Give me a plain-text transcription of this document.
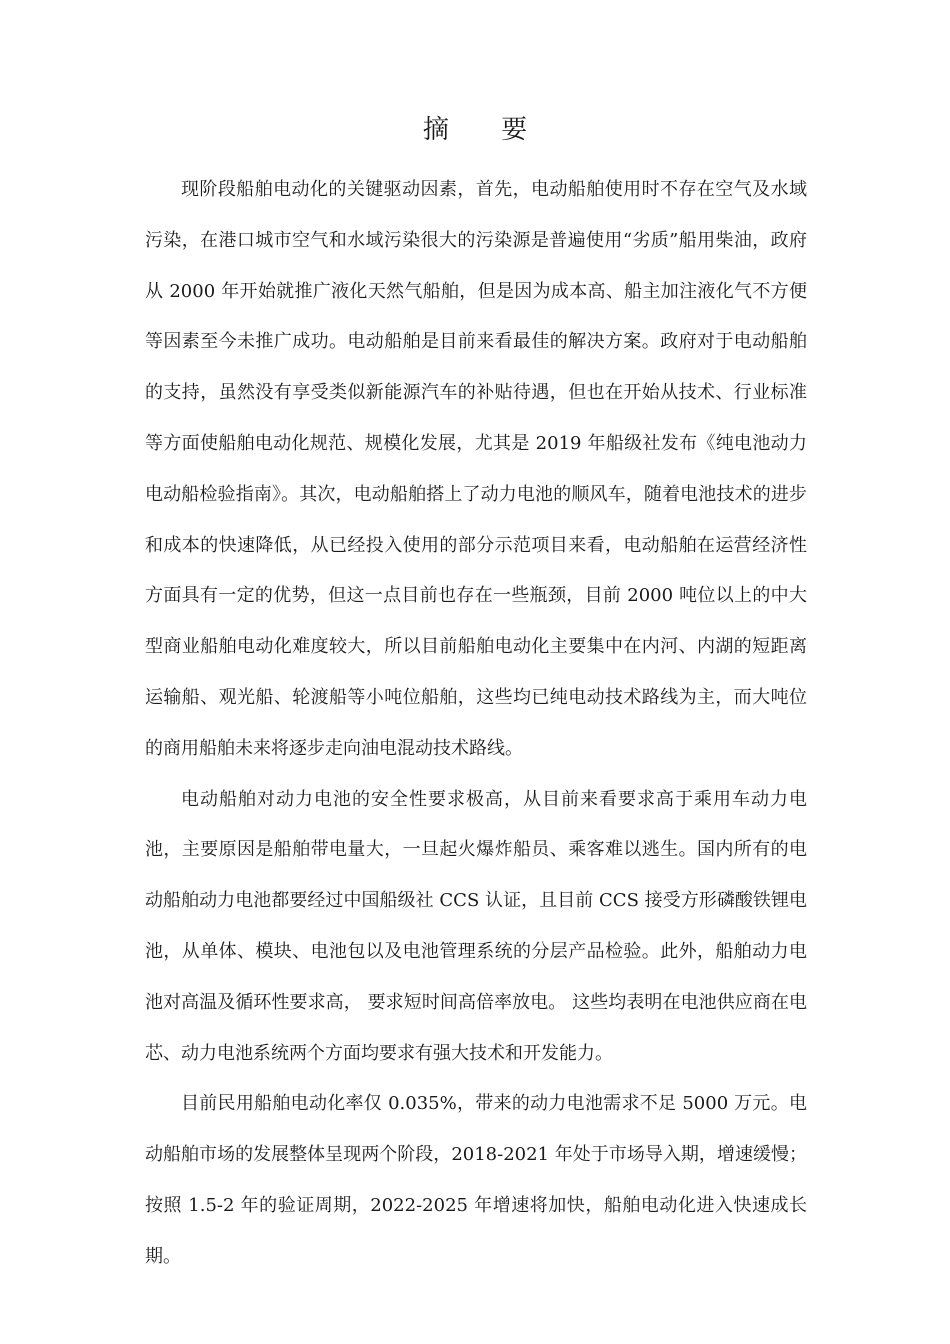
摘 要

现阶段船舶电动化的关键驱动因素，首先，电动船舶使用时不存在空气及水域污染，在港口城市空气和水域污染很大的污染源是普遍使用“劣质”船用柴油，政府从 2000 年开始就推广液化天然气船舶，但是因为成本高、船主加注液化气不方便等因素至今未推广成功。电动船舶是目前来看最佳的解决方案。政府对于电动船舶的支持，虽然没有享受类似新能源汽车的补贴待遇，但也在开始从技术、行业标准等方面使船舶电动化规范、规模化发展，尤其是 2019 年船级社发布《纯电池动力电动船检验指南》。其次，电动船舶搭上了动力电池的顺风车，随着电池技术的进步和成本的快速降低，从已经投入使用的部分示范项目来看，电动船舶在运营经济性方面具有一定的优势，但这一点目前也存在一些瓶颈，目前 2000 吨位以上的中大型商业船舶电动化难度较大，所以目前船舶电动化主要集中在内河、内湖的短距离运输船、观光船、轮渡船等小吨位船舶，这些均已纯电动技术路线为主，而大吨位的商用船舶未来将逐步走向油电混动技术路线。

电动船舶对动力电池的安全性要求极高，从目前来看要求高于乘用车动力电池，主要原因是船舶带电量大，一旦起火爆炸船员、乘客难以逃生。国内所有的电动船舶动力电池都要经过中国船级社 CCS 认证，且目前 CCS 接受方形磷酸铁锂电池，从单体、模块、电池包以及电池管理系统的分层产品检验。此外，船舶动力电池对高温及循环性要求高， 要求短时间高倍率放电。 这些均表明在电池供应商在电芯、动力电池系统两个方面均要求有强大技术和开发能力。

目前民用船舶电动化率仅 0.035%，带来的动力电池需求不足 5000 万元。电动船舶市场的发展整体呈现两个阶段，2018-2021 年处于市场导入期，增速缓慢；按照 1.5-2 年的验证周期，2022-2025 年增速将加快，船舶电动化进入快速成长期。
